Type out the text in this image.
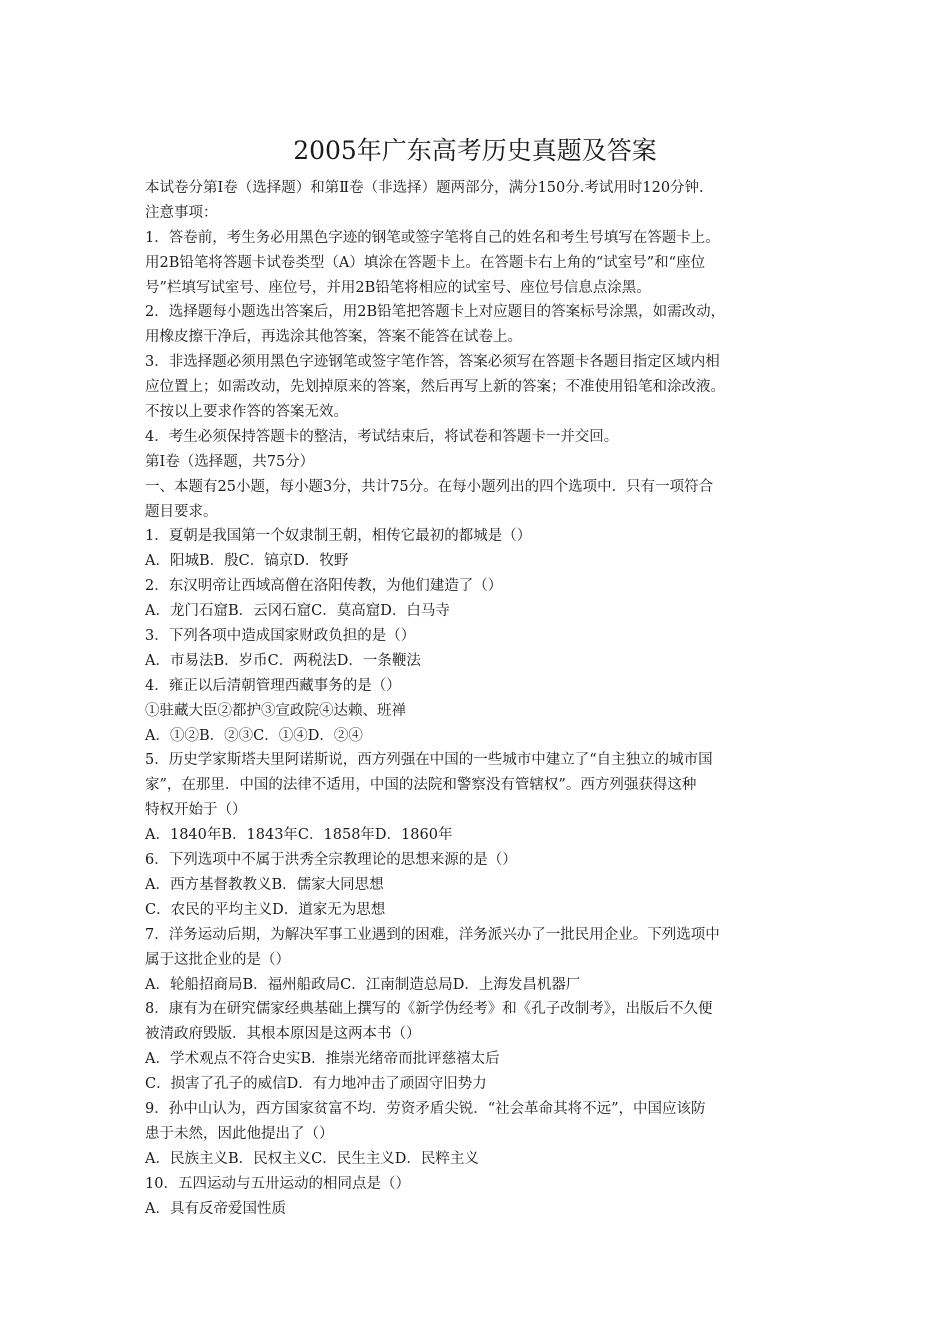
2005年广东高考历史真题及答案
本试卷分第Ⅰ卷（选择题）和第Ⅱ卷（非选择）题两部分，满分150分.考试用时120分钟.
注意事项：
1．答卷前，考生务必用黑色字迹的钢笔或签字笔将自己的姓名和考生号填写在答题卡上。
用2B铅笔将答题卡试卷类型（A）填涂在答题卡上。在答题卡右上角的“试室号”和“座位
号”栏填写试室号、座位号，并用2B铅笔将相应的试室号、座位号信息点涂黑。
2．选择题每小题选出答案后，用2B铅笔把答题卡上对应题目的答案标号涂黑，如需改动，
用橡皮擦干净后，再选涂其他答案，答案不能答在试卷上。
3．非选择题必须用黑色字迹钢笔或签字笔作答，答案必须写在答题卡各题目指定区域内相
应位置上；如需改动，先划掉原来的答案，然后再写上新的答案；不准使用铅笔和涂改液。
不按以上要求作答的答案无效。
4．考生必须保持答题卡的整洁，考试结束后，将试卷和答题卡一并交回。
第Ⅰ卷（选择题，共75分）
一、本题有25小题，每小题3分，共计75分。在每小题列出的四个选项中．只有一项符合
题目要求。
1．夏朝是我国第一个奴隶制王朝，相传它最初的都城是（）
A．阳城B．殷C．镐京D．牧野
2．东汉明帝让西域高僧在洛阳传教，为他们建造了（）
A．龙门石窟B．云冈石窟C．莫高窟D．白马寺
3．下列各项中造成国家财政负担的是（）
A．市易法B．岁币C．两税法D．一条鞭法
4．雍正以后清朝管理西藏事务的是（）
①驻藏大臣②都护③宣政院④达赖、班禅
A．①②B．②③C．①④D．②④
5．历史学家斯塔夫里阿诺斯说，西方列强在中国的一些城市中建立了“自主独立的城市国
家”，在那里．中国的法律不适用，中国的法院和警察没有管辖权”。西方列强获得这种
特权开始于（）
A．1840年B．1843年C．1858年D．1860年
6．下列选项中不属于洪秀全宗教理论的思想来源的是（）
A．西方基督教教义B．儒家大同思想
C．农民的平均主义D．道家无为思想
7．洋务运动后期，为解决军事工业遇到的困难，洋务派兴办了一批民用企业。下列选项中
属于这批企业的是（）
A．轮船招商局B．福州船政局C．江南制造总局D．上海发昌机器厂
8．康有为在研究儒家经典基础上撰写的《新学伪经考》和《孔子改制考》，出版后不久便
被清政府毁版．其根本原因是这两本书（）
A．学术观点不符合史实B．推崇光绪帝而批评慈禧太后
C．损害了孔子的威信D．有力地冲击了顽固守旧势力
9．孙中山认为，西方国家贫富不均．劳资矛盾尖锐．“社会革命其将不远”，中国应该防
患于未然，因此他提出了（）
A．民族主义B．民权主义C．民生主义D．民粹主义
10．五四运动与五卅运动的相同点是（）
A．具有反帝爱国性质
